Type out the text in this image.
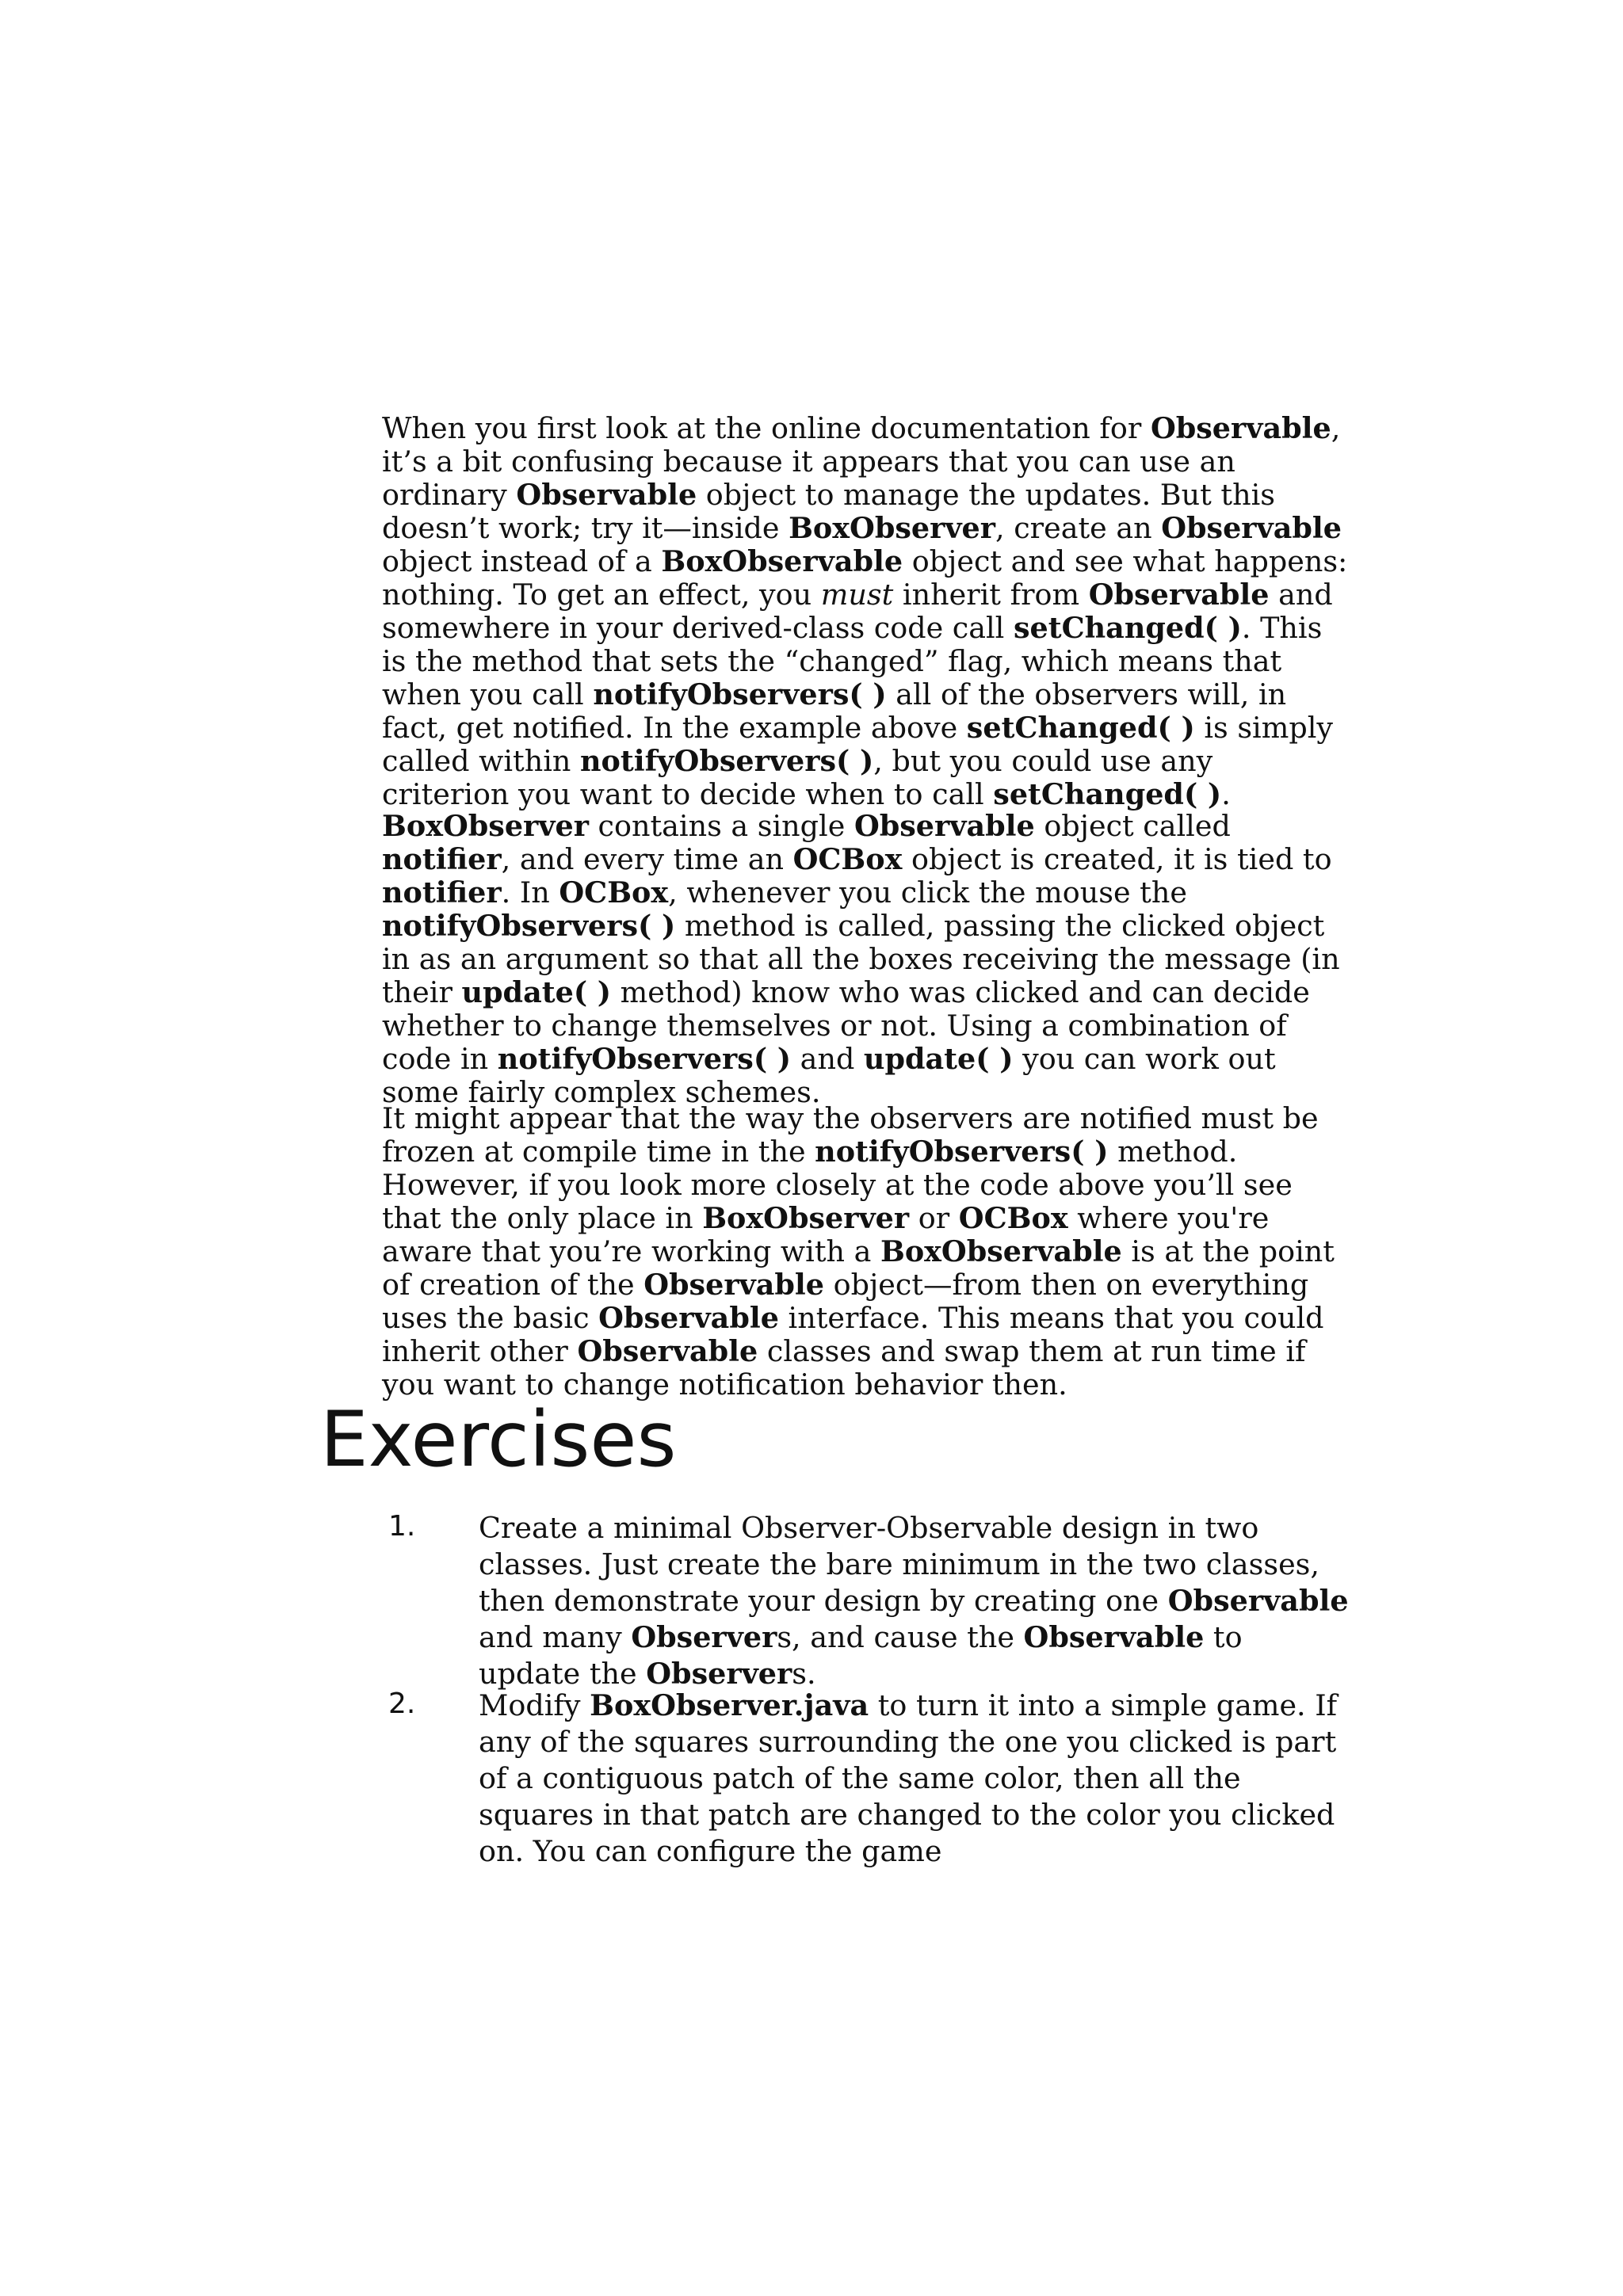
When you first look at the online documentation for Observable, it’s a bit confusing because it appears that you can use an ordinary Observable object to manage the updates. But this doesn’t work; try it—inside BoxObserver, create an Observable object instead of a BoxObservable object and see what happens: nothing. To get an effect, you must inherit from Observable and somewhere in your derived-class code call setChanged( ). This is the method that sets the “changed” flag, which means that when you call notifyObservers( ) all of the observers will, in fact, get notified. In the example above setChanged( ) is simply called within notifyObservers( ), but you could use any criterion you want to decide when to call setChanged( ).

BoxObserver contains a single Observable object called notifier, and every time an OCBox object is created, it is tied to notifier. In OCBox, whenever you click the mouse the notifyObservers( ) method is called, passing the clicked object in as an argument so that all the boxes receiving the message (in their update( ) method) know who was clicked and can decide whether to change themselves or not. Using a combination of code in notifyObservers( ) and update( ) you can work out some fairly complex schemes.

It might appear that the way the observers are notified must be frozen at compile time in the notifyObservers( ) method. However, if you look more closely at the code above you’ll see that the only place in BoxObserver or OCBox where you're aware that you’re working with a BoxObservable is at the point of creation of the Observable object—from then on everything uses the basic Observable interface. This means that you could inherit other Observable classes and swap them at run time if you want to change notification behavior then.

Exercises
1. Create a minimal Observer-Observable design in two classes. Just create the bare minimum in the two classes, then demonstrate your design by creating one Observable and many Observers, and cause the Observable to update the Observers.

2. Modify BoxObserver.java to turn it into a simple game. If any of the squares surrounding the one you clicked is part of a contiguous patch of the same color, then all the squares in that patch are changed to the color you clicked on. You can configure the game
